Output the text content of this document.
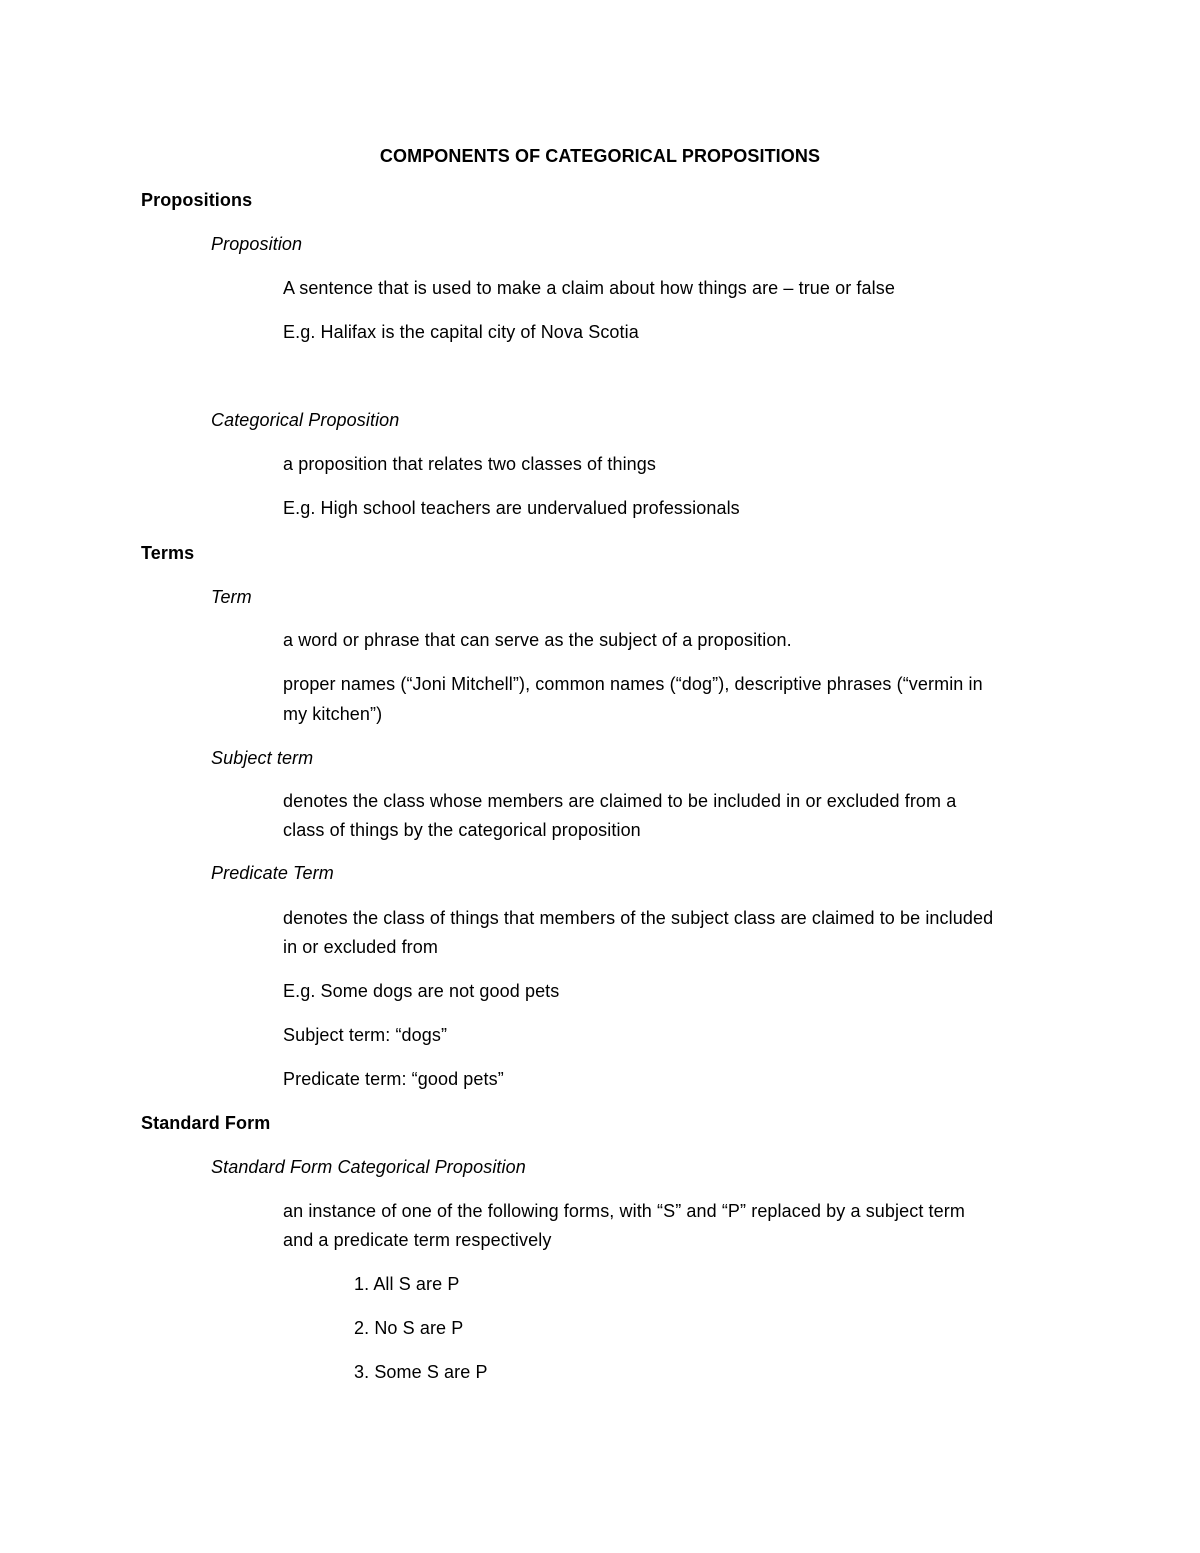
COMPONENTS OF CATEGORICAL PROPOSITIONS
Propositions
Proposition
A sentence that is used to make a claim about how things are – true or false
E.g. Halifax is the capital city of Nova Scotia
Categorical Proposition
a proposition that relates two classes of things
E.g. High school teachers are undervalued professionals
Terms
Term
a word or phrase that can serve as the subject of a proposition.
proper names (“Joni Mitchell”), common names (“dog”), descriptive phrases (“vermin in
my kitchen”)
Subject term
denotes the class whose members are claimed to be included in or excluded from a
class of things by the categorical proposition
Predicate Term
denotes the class of things that members of the subject class are claimed to be included
in or excluded from
E.g. Some dogs are not good pets
Subject term: “dogs”
Predicate term: “good pets”
Standard Form
Standard Form Categorical Proposition
an instance of one of the following forms, with “S” and “P” replaced by a subject term
and a predicate term respectively
1. All S are P
2. No S are P
3. Some S are P
